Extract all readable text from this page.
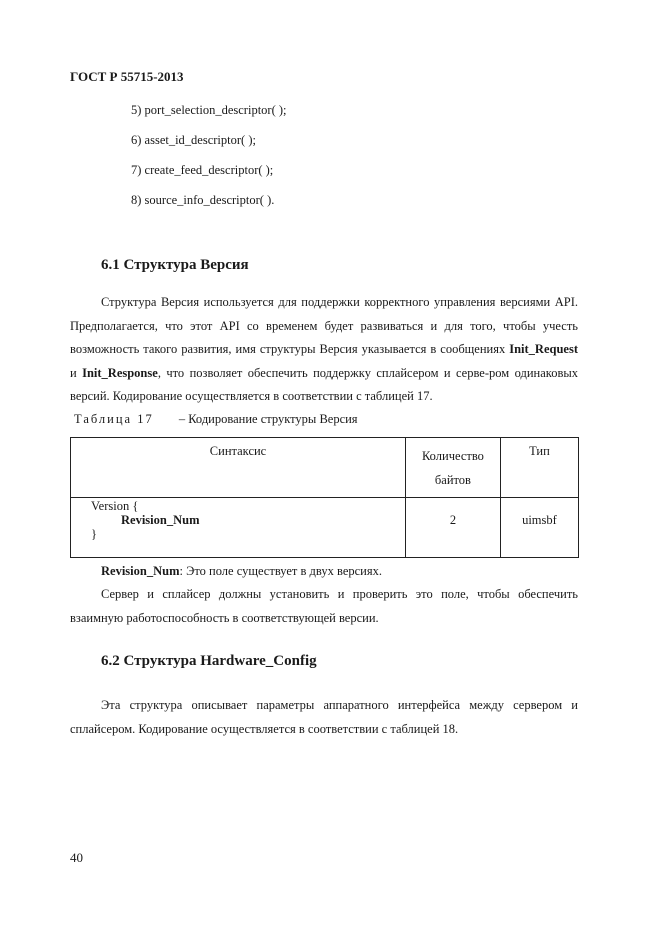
ГОСТ Р 55715-2013
5) port_selection_descriptor( );
6) asset_id_descriptor( );
7) create_feed_descriptor( );
8) source_info_descriptor( ).
6.1 Структура Версия

Структура Версия используется для поддержки корректного управления версиями API. Предполагается, что этот API со временем будет развиваться и для того, чтобы учесть возможность такого развития, имя структуры Версия указывается в сообщениях Init_Request и Init_Response, что позволяет обеспечить поддержку сплайсером и серве-ром одинаковых версий. Кодирование осуществляется в соответствии с таблицей 17.

Таблица 17 – Кодирование структуры Версия
Синтаксис	Количество байтов	Тип

Version {
Revision_Num
}	2	uimsbf

Revision_Num: Это поле существует в двух версиях.

Сервер и сплайсер должны установить и проверить это поле, чтобы обеспечить взаимную работоспособность в соответствующей версии.

6.2 Структура Hardware_Config

Эта структура описывает параметры аппаратного интерфейса между сервером и сплайсером. Кодирование осуществляется в соответствии с таблицей 18.

40
